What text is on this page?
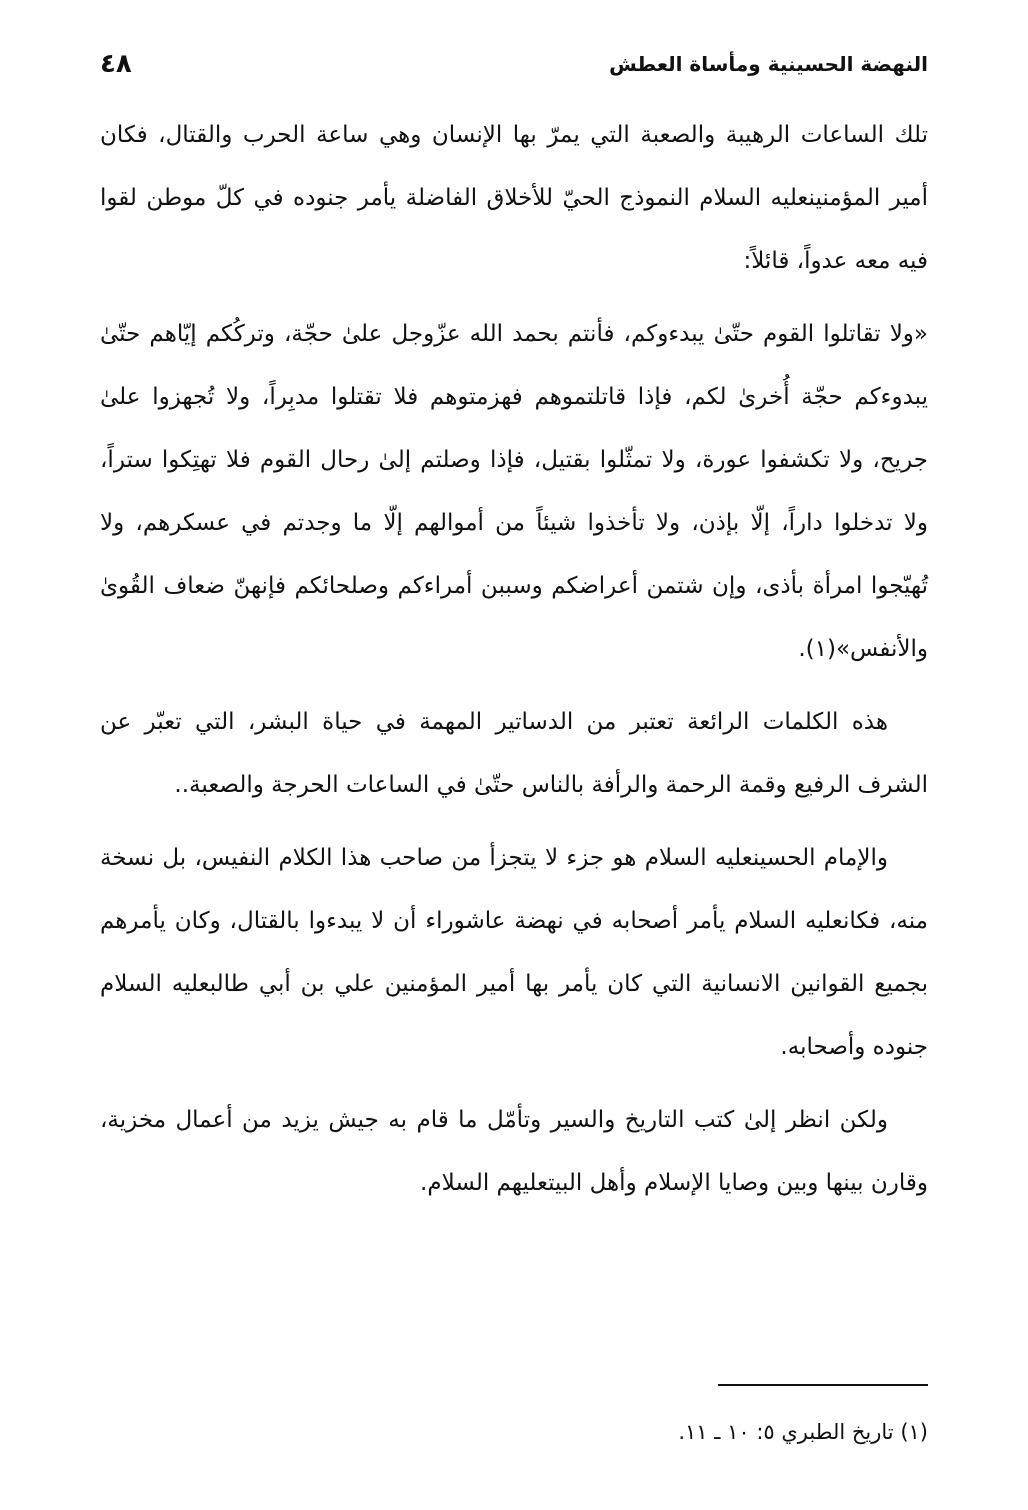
النهضة الحسينية ومأساة العطش
٤٨

تلك الساعات الرهيبة والصعبة التي يمرّ بها الإنسان وهي ساعة الحرب والقتال، فكان أمير المؤمنينعليه السلام النموذج الحيّ للأخلاق الفاضلة يأمر جنوده في كلّ موطن لقوا فيه معه عدواً، قائلاً:

«ولا تقاتلوا القوم حتّىٰ يبدءوكم، فأنتم بحمد الله عزّوجل علىٰ حجّة، وتركُكم إيّاهم حتّىٰ يبدوءكم حجّة أُخرىٰ لكم، فإذا قاتلتموهم فهزمتوهم فلا تقتلوا مدبِراً، ولا تُجهزوا علىٰ جريح، ولا تكشفوا عورة، ولا تمثّلوا بقتيل، فإذا وصلتم إلىٰ رحال القوم فلا تهتِكوا ستراً، ولا تدخلوا داراً، إلّا بإذن، ولا تأخذوا شيئاً من أموالهم إلّا ما وجدتم في عسكرهم، ولا تُهيّجوا امرأة بأذى، وإن شتمن أعراضكم وسببن أمراءكم وصلحائكم فإنهنّ ضعاف القُوىٰ والأنفس»(١).

هذه الكلمات الرائعة تعتبر من الدساتير المهمة في حياة البشر، التي تعبّر عن الشرف الرفيع وقمة الرحمة والرأفة بالناس حتّىٰ في الساعات الحرجة والصعبة..

والإمام الحسينعليه السلام هو جزء لا يتجزأ من صاحب هذا الكلام النفيس، بل نسخة منه، فكانعليه السلام يأمر أصحابه في نهضة عاشوراء أن لا يبدءوا بالقتال، وكان يأمرهم بجميع القوانين الانسانية التي كان يأمر بها أمير المؤمنين علي بن أبي طالبعليه السلام جنوده وأصحابه.

ولكن انظر إلىٰ كتب التاريخ والسير وتأمّل ما قام به جيش يزيد من أعمال مخزية، وقارن بينها وبين وصايا الإسلام وأهل البيتعليهم السلام.

(١) تاريخ الطبري ٥: ١٠ ـ ١١.
